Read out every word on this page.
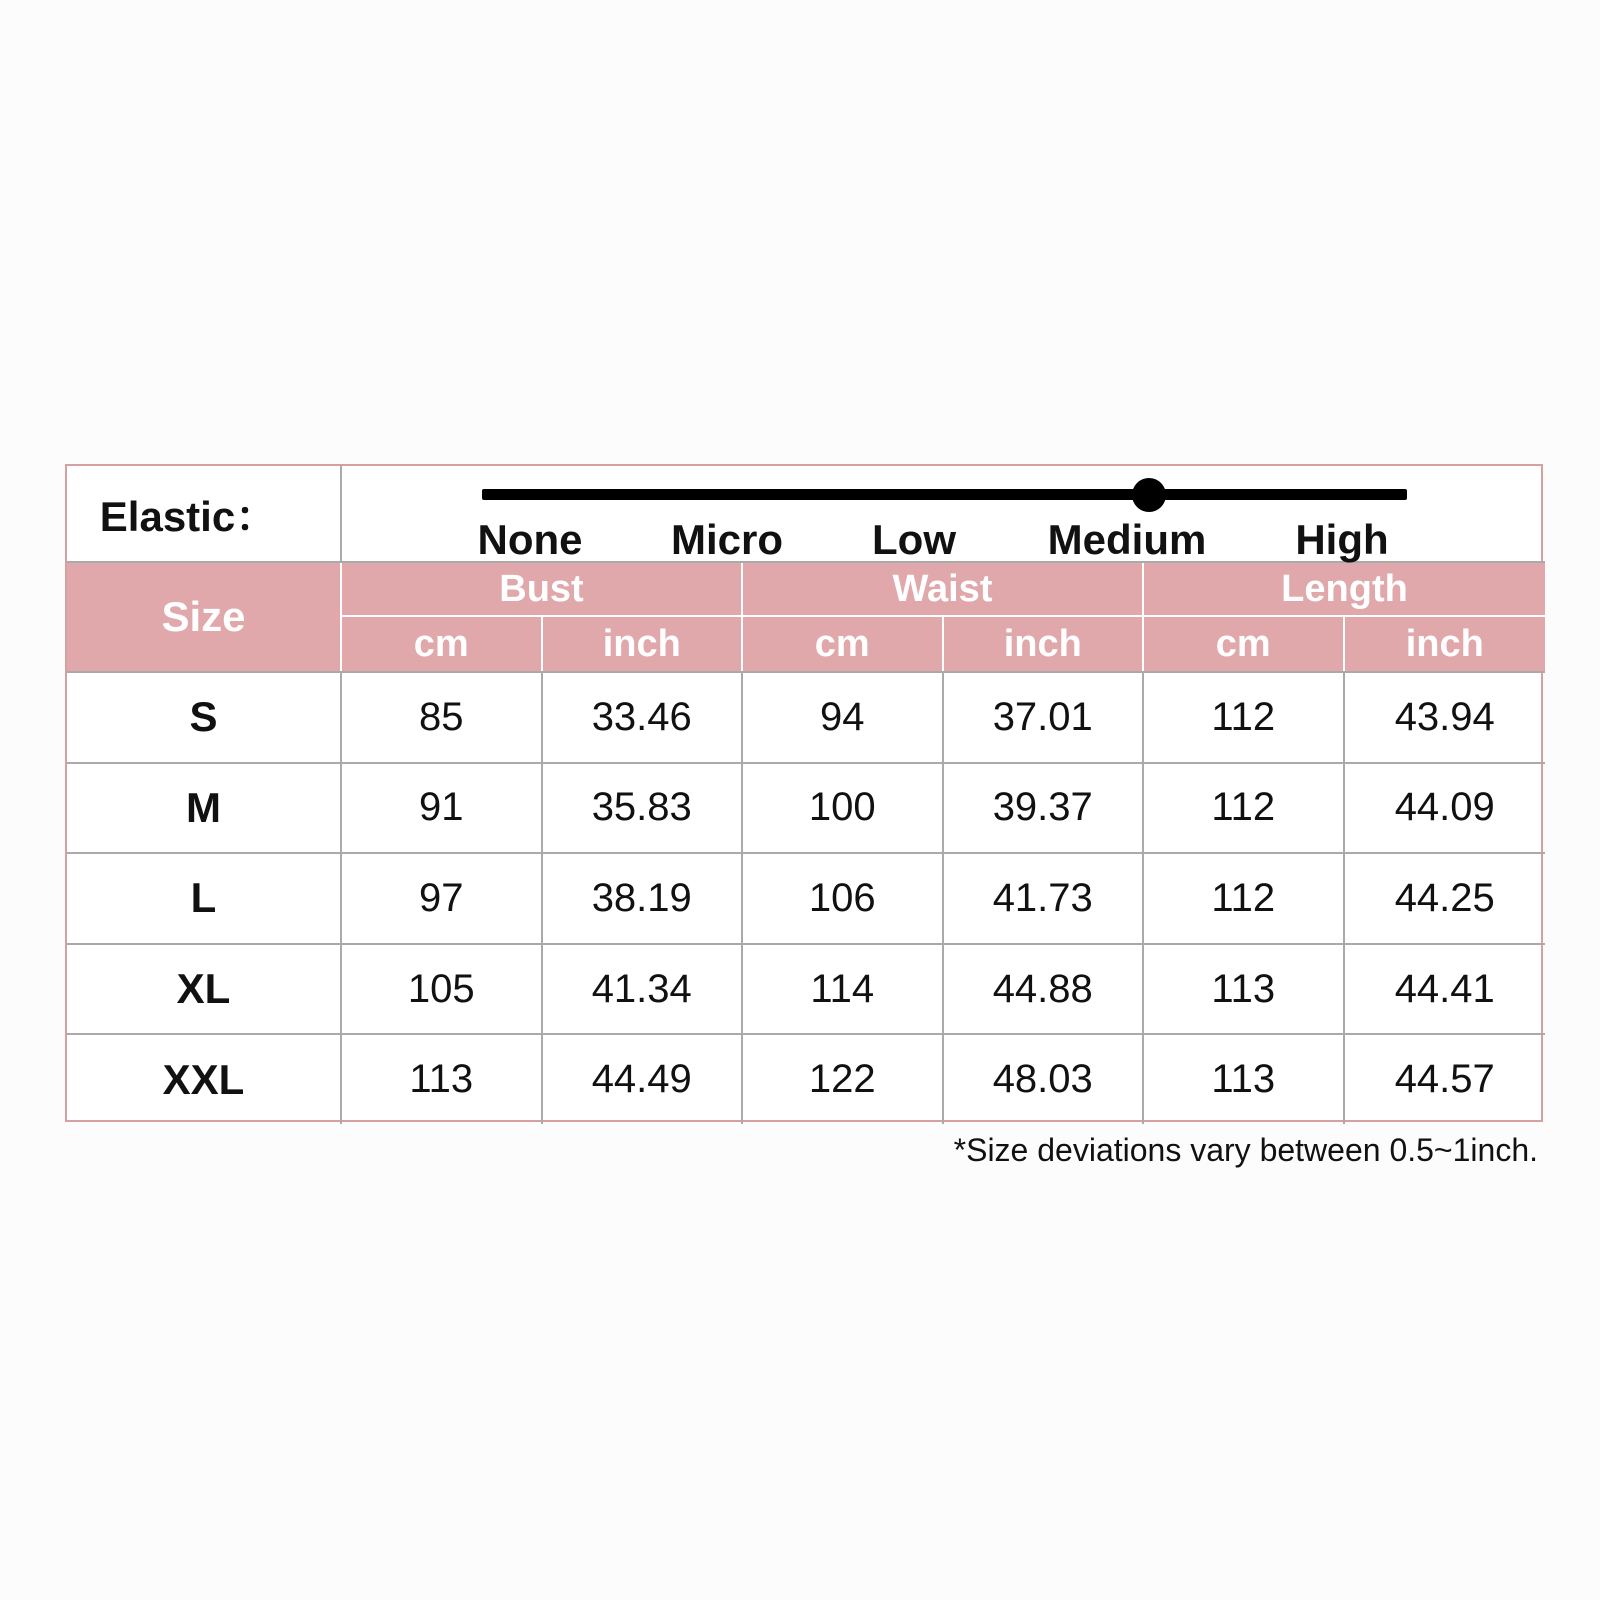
Elastic：	None Micro Low Medium High
Size
Bust	Waist	Length
cm	inch	cm	inch	cm	inch
S	85	33.46	94	37.01	112	43.94
M	91	35.83	100	39.37	112	44.09
L	97	38.19	106	41.73	112	44.25
XL	105	41.34	114	44.88	113	44.41
XXL	113	44.49	122	48.03	113	44.57
*Size deviations vary between 0.5~1inch.
